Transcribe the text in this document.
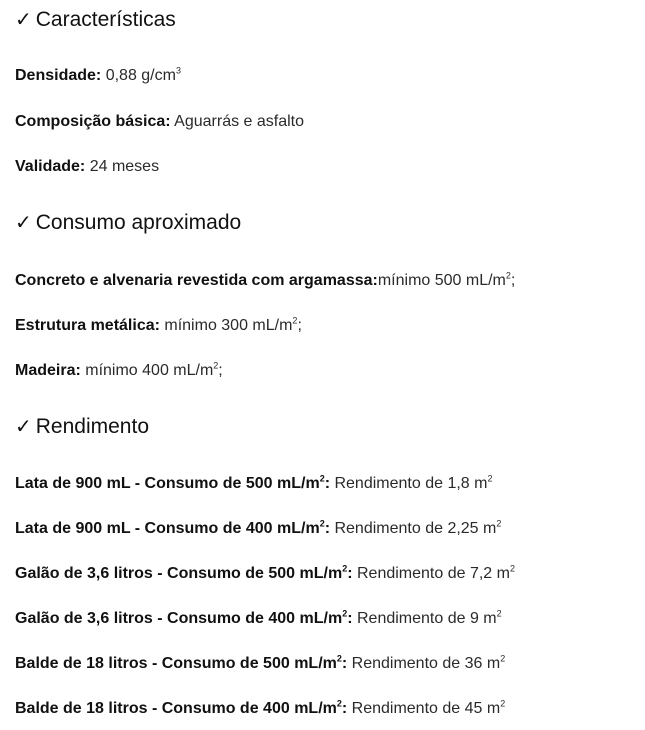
✓ Características

Densidade: 0,88 $g/cm^3$

Composição básica: Aguarrás e asfalto

Validade: 24 meses

✓ Consumo aproximado

Concreto e alvenaria revestida com argamassa:mínimo 500 $mL/m^2$;

Estrutura metálica: mínimo 300 $mL/m^2$;

Madeira: mínimo 400 $mL/m^2$;

✓ Rendimento

Lata de 900 mL - Consumo de 500 $mL/m^2$: Rendimento de 1,8 $m^2$

Lata de 900 mL - Consumo de 400 $mL/m^2$: Rendimento de 2,25 $m^2$

Galão de 3,6 litros - Consumo de 500 $mL/m^2$: Rendimento de 7,2 $m^2$

Galão de 3,6 litros - Consumo de 400 $mL/m^2$: Rendimento de 9 $m^2$

Balde de 18 litros - Consumo de 500 $mL/m^2$: Rendimento de 36 $m^2$

Balde de 18 litros - Consumo de 400 $mL/m^2$: Rendimento de 45 $m^2$
